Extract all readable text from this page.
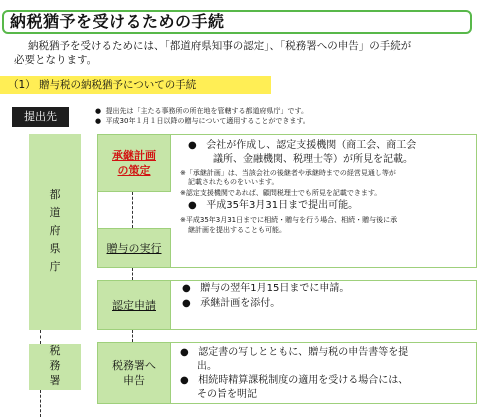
納税猶予を受けるための手続
納税猶予を受けるためには、「都道府県知事の認定」、「税務署への申告」の手続が
必要となります。
（1） 贈与税の納税猶予についての手続
提出先	●  提出先は「主たる事務所の所在地を管轄する都道府県庁」です。
●  平成30年１月１日以降の贈与について適用することができます。
都
道
府
県
庁
税
務
署
承継計画
の策定
●   会社が作成し、認定支援機関（商工会、商工会
議所、金融機関、税理士等）が所見を記載。
※「承継計画」は、当該会社の後継者や承継時までの経営見通し等が
記載されたものをいいます。
※認定支援機関であれば、顧問税理士でも所見を記載できます。
●   平成35年3月31日まで提出可能。
※平成35年3月31日までに相続・贈与を行う場合、相続・贈与後に承
継計画を提出することも可能。
贈与の実行
認定申請
●   贈与の翌年1月15日までに申請。
●   承継計画を添付。
税務署へ
申告
●   認定書の写しとともに、贈与税の申告書等を提
出。
●   相続時精算課税制度の適用を受ける場合には、
その旨を明記
